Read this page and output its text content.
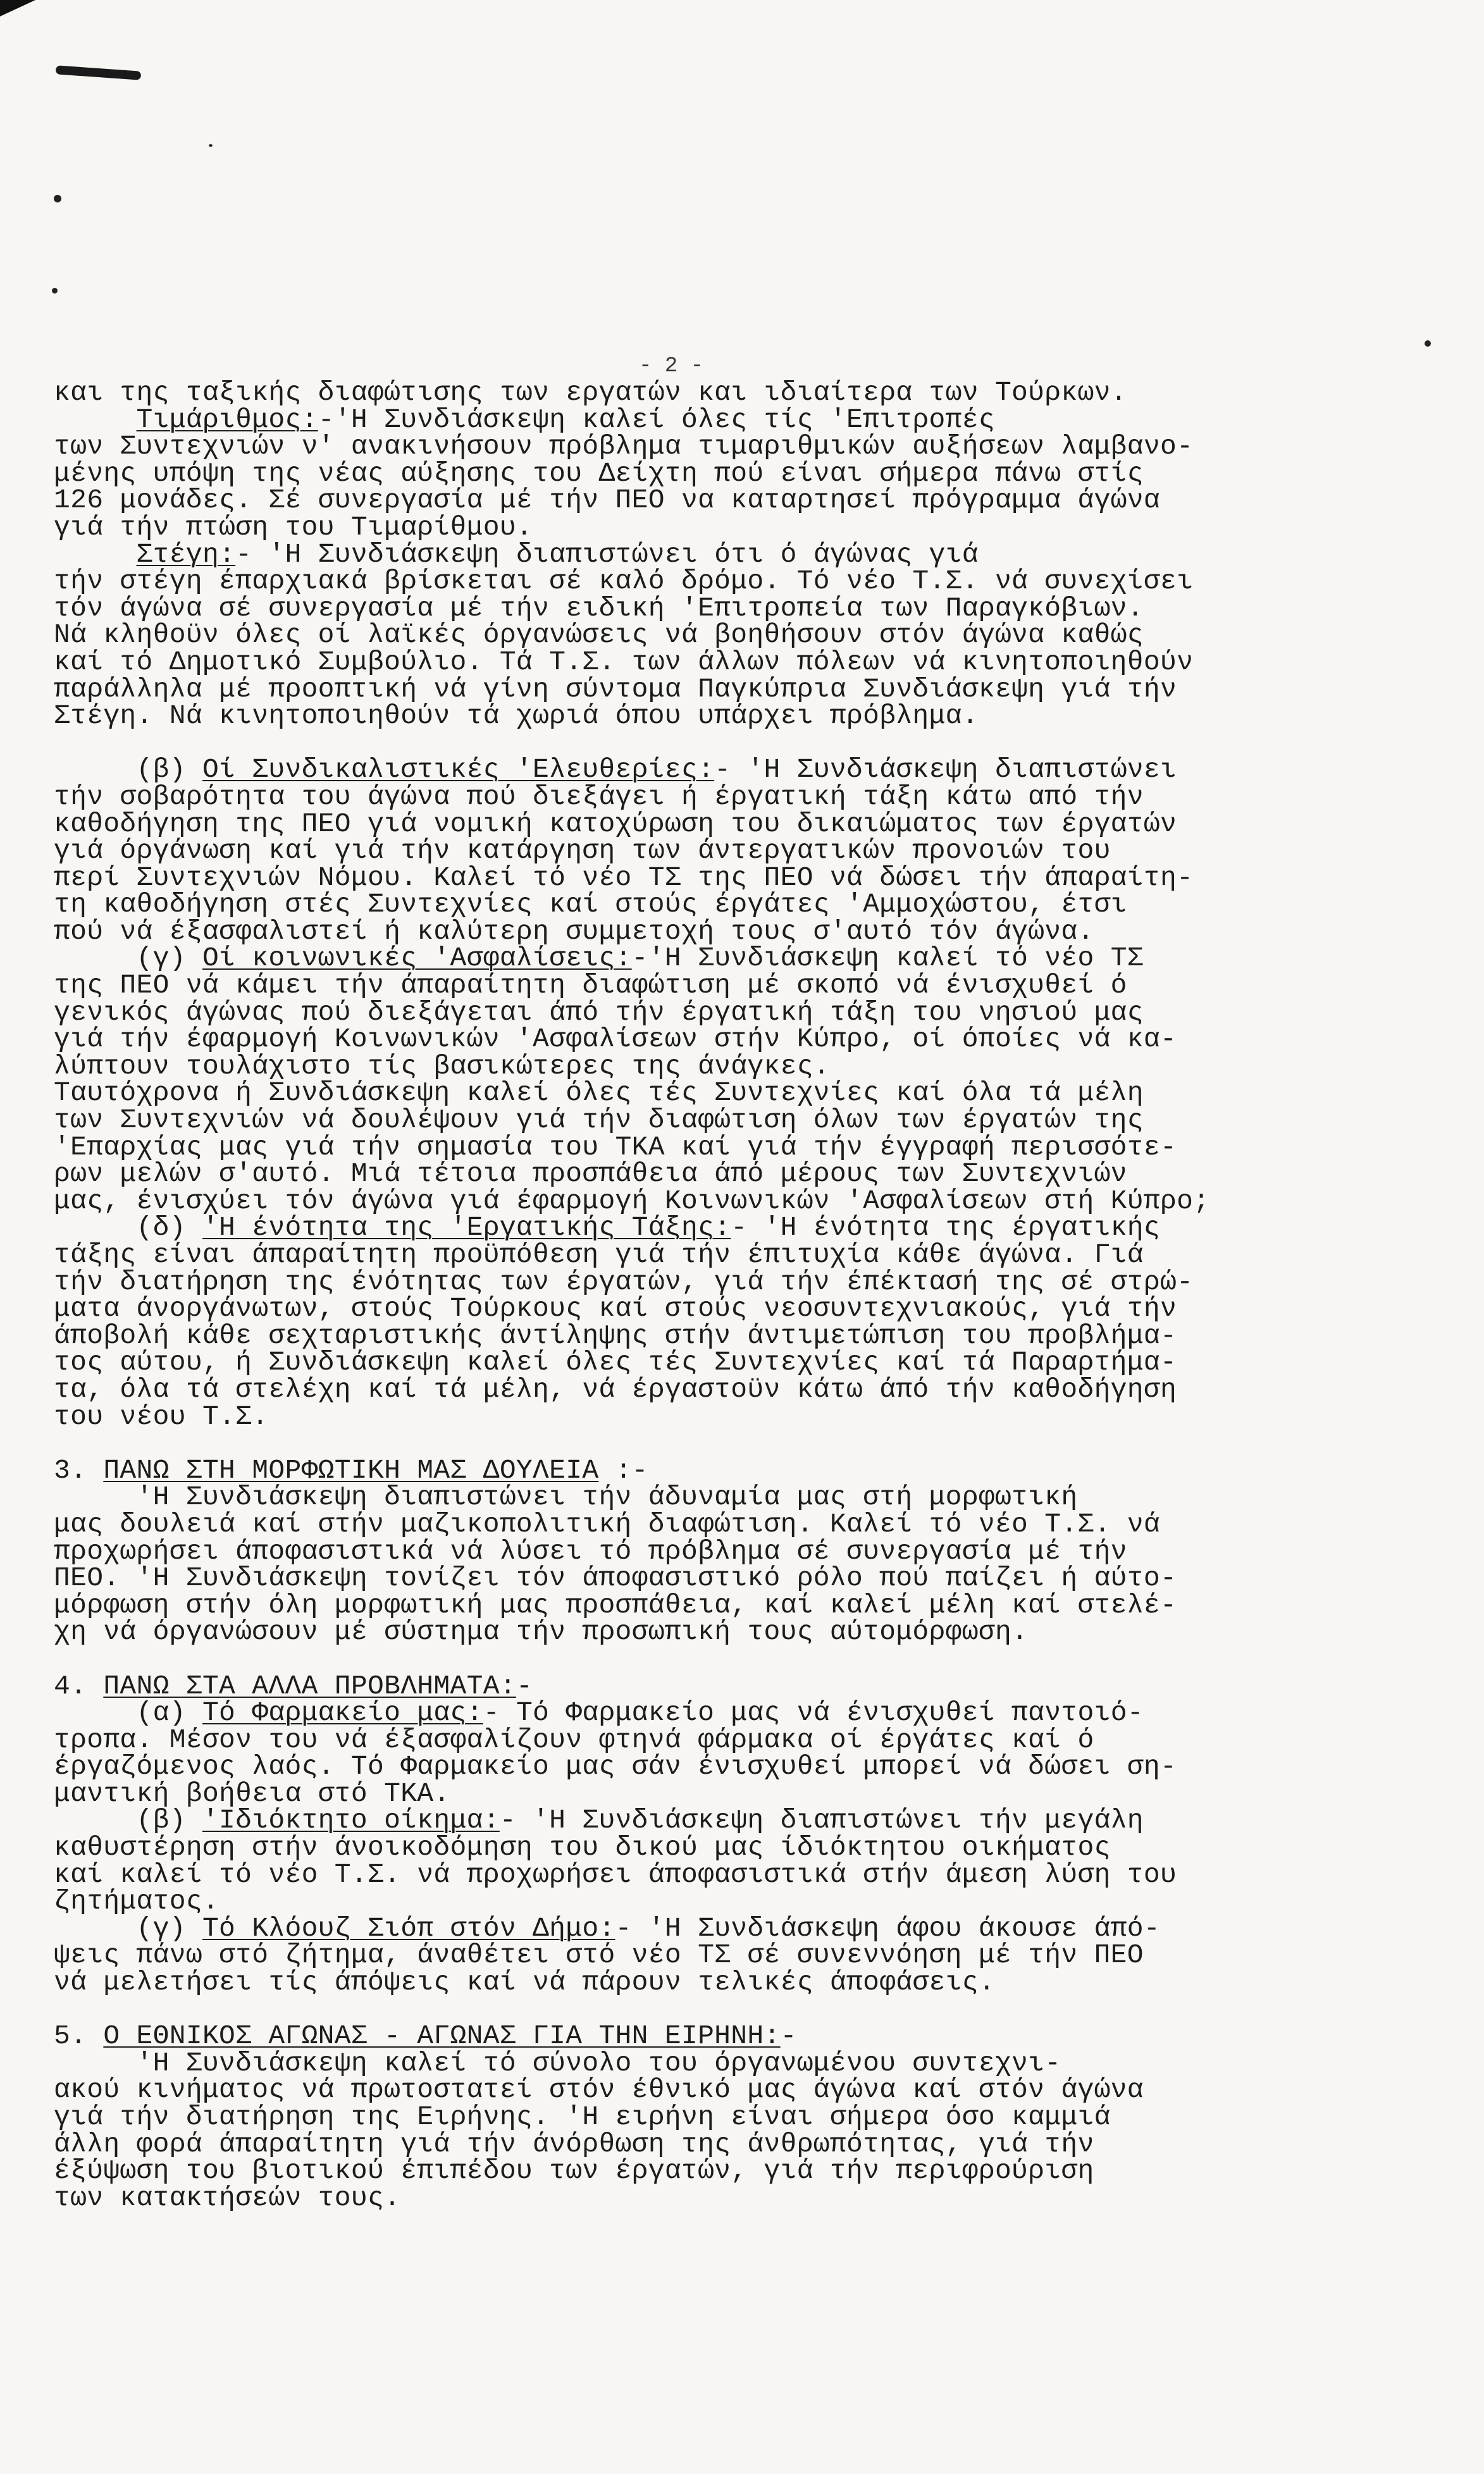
- 2 -
και της ταξικής διαφώτισης των εργατών και ιδιαίτερα των Τούρκων.
Τιμάριθμος:-'Η Συνδιάσκεψη καλεί όλες τίς 'Επιτροπές
των Συντεχνιών ν' ανακινήσουν πρόβλημα τιμαριθμικών αυξήσεων λαμβανο-
μένης υπόψη της νέας αύξησης του Δείχτη πού είναι σήμερα πάνω στίς
126 μονάδες. Σέ συνεργασία μέ τήν ΠΕΟ να καταρτησεί πρόγραμμα άγώνα
γιά τήν πτώση του Τιμαρίθμου.
Στέγη:- 'Η Συνδιάσκεψη διαπιστώνει ότι ό άγώνας γιά
τήν στέγη έπαρχιακά βρίσκεται σέ καλό δρόμο. Τό νέο Τ.Σ. νά συνεχίσει
τόν άγώνα σέ συνεργασία μέ τήν ειδική 'Επιτροπεία των Παραγκόβιων.
Νά κληθοϋν όλες οί λαϊκές όργανώσεις νά βοηθήσουν στόν άγώνα καθώς
καί τό Δημοτικό Συμβούλιο. Τά Τ.Σ. των άλλων πόλεων νά κινητοποιηθούν
παράλληλα μέ προοπτική νά γίνη σύντομα Παγκύπρια Συνδιάσκεψη γιά τήν
Στέγη. Νά κινητοποιηθούν τά χωριά όπου υπάρχει πρόβλημα.
(β) Οί Συνδικαλιστικές 'Ελευθερίες:- 'Η Συνδιάσκεψη διαπιστώνει
τήν σοβαρότητα του άγώνα πού διεξάγει ή έργατική τάξη κάτω από τήν
καθοδήγηση της ΠΕΟ γιά νομική κατοχύρωση του δικαιώματος των έργατών
γιά όργάνωση καί γιά τήν κατάργηση των άντεργατικών προνοιών του
περί Συντεχνιών Νόμου. Καλεί τό νέο ΤΣ της ΠΕΟ νά δώσει τήν άπαραίτη-
τη καθοδήγηση στές Συντεχνίες καί στούς έργάτες 'Αμμοχώστου, έτσι
πού νά έξασφαλιστεί ή καλύτερη συμμετοχή τους σ'αυτό τόν άγώνα.
(γ) Οί κοινωνικές 'Ασφαλίσεις:-'Η Συνδιάσκεψη καλεί τό νέο ΤΣ
της ΠΕΟ νά κάμει τήν άπαραίτητη διαφώτιση μέ σκοπό νά ένισχυθεί ό
γενικός άγώνας πού διεξάγεται άπό τήν έργατική τάξη του νησιού μας
γιά τήν έφαρμογή Κοινωνικών 'Ασφαλίσεων στήν Κύπρο, οί όποίες νά κα-
λύπτουν τουλάχιστο τίς βασικώτερες της άνάγκες.
Ταυτόχρονα ή Συνδιάσκεψη καλεί όλες τές Συντεχνίες καί όλα τά μέλη
των Συντεχνιών νά δουλέψουν γιά τήν διαφώτιση όλων των έργατών της
'Επαρχίας μας γιά τήν σημασία του ΤΚΑ καί γιά τήν έγγραφή περισσότε-
ρων μελών σ'αυτό. Μιά τέτοια προσπάθεια άπό μέρους των Συντεχνιών
μας, ένισχύει τόν άγώνα γιά έφαρμογή Κοινωνικών 'Ασφαλίσεων στή Κύπρο;
(δ) 'Η ένότητα της 'Εργατικής Τάξης:- 'Η ένότητα της έργατικής
τάξης είναι άπαραίτητη προϋπόθεση γιά τήν έπιτυχία κάθε άγώνα. Γιά
τήν διατήρηση της ένότητας των έργατών, γιά τήν έπέκτασή της σέ στρώ-
ματα άνοργάνωτων, στούς Τούρκους καί στούς νεοσυντεχνιακούς, γιά τήν
άποβολή κάθε σεχταριστικής άντίληψης στήν άντιμετώπιση του προβλήμα-
τος αύτου, ή Συνδιάσκεψη καλεί όλες τές Συντεχνίες καί τά Παραρτήμα-
τα, όλα τά στελέχη καί τά μέλη, νά έργαστοϋν κάτω άπό τήν καθοδήγηση
του νέου Τ.Σ.
3. ΠΑΝΩ ΣΤΗ ΜΟΡΦΩΤΙΚΗ ΜΑΣ ΔΟΥΛΕΙΑ :-
'Η Συνδιάσκεψη διαπιστώνει τήν άδυναμία μας στή μορφωτική
μας δουλειά καί στήν μαζικοπολιτική διαφώτιση. Καλεί τό νέο Τ.Σ. νά
προχωρήσει άποφασιστικά νά λύσει τό πρόβλημα σέ συνεργασία μέ τήν
ΠΕΟ. 'Η Συνδιάσκεψη τονίζει τόν άποφασιστικό ρόλο πού παίζει ή αύτο-
μόρφωση στήν όλη μορφωτική μας προσπάθεια, καί καλεί μέλη καί στελέ-
χη νά όργανώσουν μέ σύστημα τήν προσωπική τους αύτομόρφωση.
4. ΠΑΝΩ ΣΤΑ ΑΛΛΑ ΠΡΟΒΛΗΜΑΤΑ:-
(α) Τό Φαρμακείο μας:- Τό Φαρμακείο μας νά ένισχυθεί παντοιό-
τροπα. Μέσον του νά έξασφαλίζουν φτηνά φάρμακα οί έργάτες καί ό
έργαζόμενος λαός. Τό Φαρμακείο μας σάν ένισχυθεί μπορεί νά δώσει ση-
μαντική βοήθεια στό ΤΚΑ.
(β) 'Ιδιόκτητο οίκημα:- 'Η Συνδιάσκεψη διαπιστώνει τήν μεγάλη
καθυστέρηση στήν άνοικοδόμηση του δικού μας ίδιόκτητου οικήματος
καί καλεί τό νέο Τ.Σ. νά προχωρήσει άποφασιστικά στήν άμεση λύση του
ζητήματος.
(γ) Τό Κλόουζ Σιόπ στόν Δήμο:- 'Η Συνδιάσκεψη άφου άκουσε άπό-
ψεις πάνω στό ζήτημα, άναθέτει στό νέο ΤΣ σέ συνεννόηση μέ τήν ΠΕΟ
νά μελετήσει τίς άπόψεις καί νά πάρουν τελικές άποφάσεις.
5. Ο ΕΘΝΙΚΟΣ ΑΓΩΝΑΣ - ΑΓΩΝΑΣ ΓΙΑ ΤΗΝ ΕΙΡΗΝΗ:-
'Η Συνδιάσκεψη καλεί τό σύνολο του όργανωμένου συντεχνι-
ακού κινήματος νά πρωτοστατεί στόν έθνικό μας άγώνα καί στόν άγώνα
γιά τήν διατήρηση της Ειρήνης. 'Η ειρήνη είναι σήμερα όσο καμμιά
άλλη φορά άπαραίτητη γιά τήν άνόρθωση της άνθρωπότητας, γιά τήν
έξύψωση του βιοτικού έπιπέδου των έργατών, γιά τήν περιφρούριση
των κατακτήσεών τους.
